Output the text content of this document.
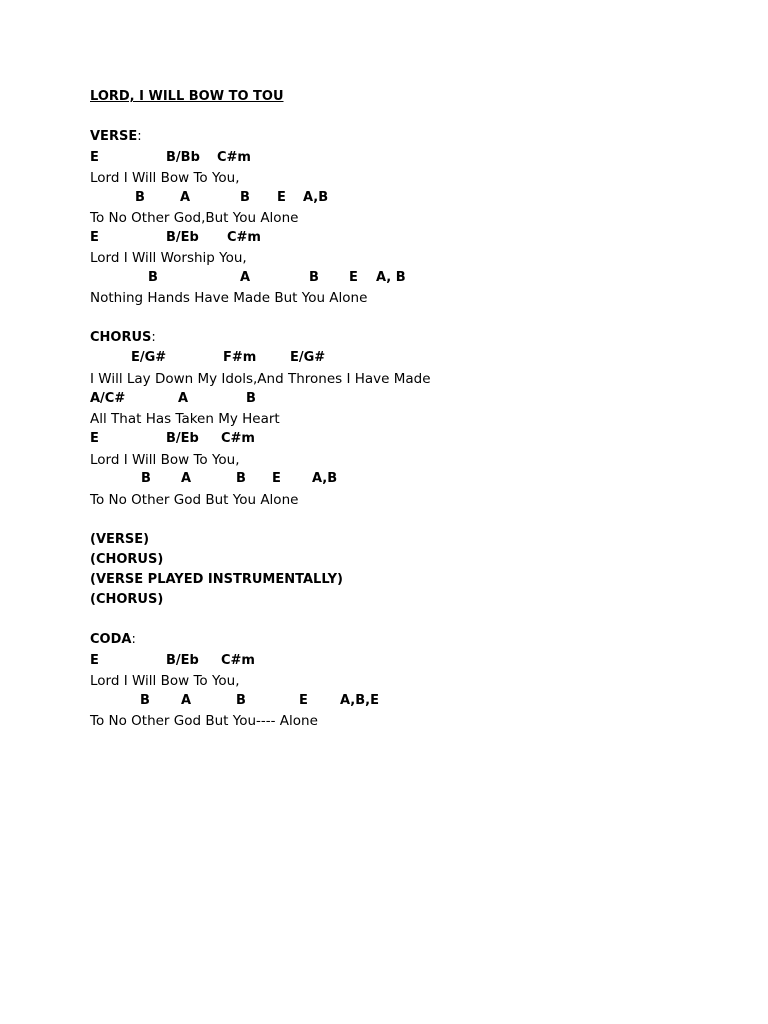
LORD, I WILL BOW TO TOU
VERSE:
E	B/Bb C#m
Lord I Will Bow To You,
B	A	B E A,B
To No Other God,But You Alone
E	B/Eb C#m
Lord I Will Worship You,
B	A	B E A, B
Nothing Hands Have Made But You Alone
CHORUS:
E/G#	F#m	E/G#
I Will Lay Down My Idols,And Thrones I Have Made
A/C#	A	B
All That Has Taken My Heart
E	B/Eb C#m
Lord I Will Bow To You,
B A	B E A,B
To No Other God But You Alone
(VERSE)
(CHORUS)
(VERSE PLAYED INSTRUMENTALLY)
(CHORUS)
CODA:
E	B/Eb C#m
Lord I Will Bow To You,
B A	B	E A,B,E
To No Other God But You---- Alone
